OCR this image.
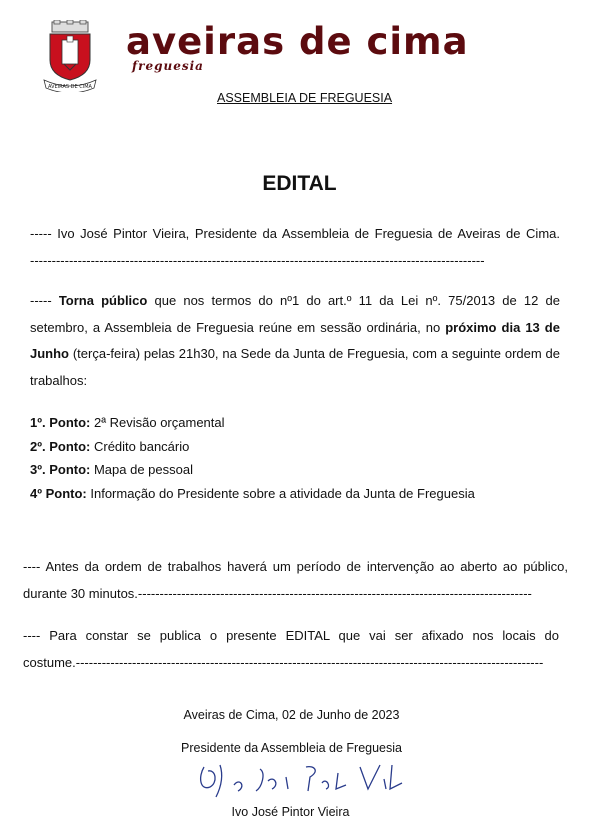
AVEIRAS DE CIMA
aveiras de cima
freguesia
ASSEMBLEIA DE FREGUESIA
EDITAL
----- Ivo José Pintor Vieira, Presidente da Assembleia de Freguesia de Aveiras de Cima. ---------------------------------------------------------------------------------------------------------
----- Torna público que nos termos do nº1 do art.º 11 da Lei nº. 75/2013 de 12 de setembro, a Assembleia de Freguesia reúne em sessão ordinária, no próximo dia 13 de Junho (terça-feira) pelas 21h30, na Sede da Junta de Freguesia, com a seguinte ordem de trabalhos:
1º. Ponto: 2ª Revisão orçamental
2º. Ponto: Crédito bancário
3º. Ponto: Mapa de pessoal
4º Ponto: Informação do Presidente sobre a atividade da Junta de Freguesia
---- Antes da ordem de trabalhos haverá um período de intervenção ao aberto ao público, durante 30 minutos.-------------------------------------------------------------------------------------------
---- Para constar se publica o presente EDITAL que vai ser afixado nos locais do costume.------------------------------------------------------------------------------------------------------------
Aveiras de Cima, 02 de Junho de 2023
Presidente da Assembleia de Freguesia
Ivo José Pintor Vieira
